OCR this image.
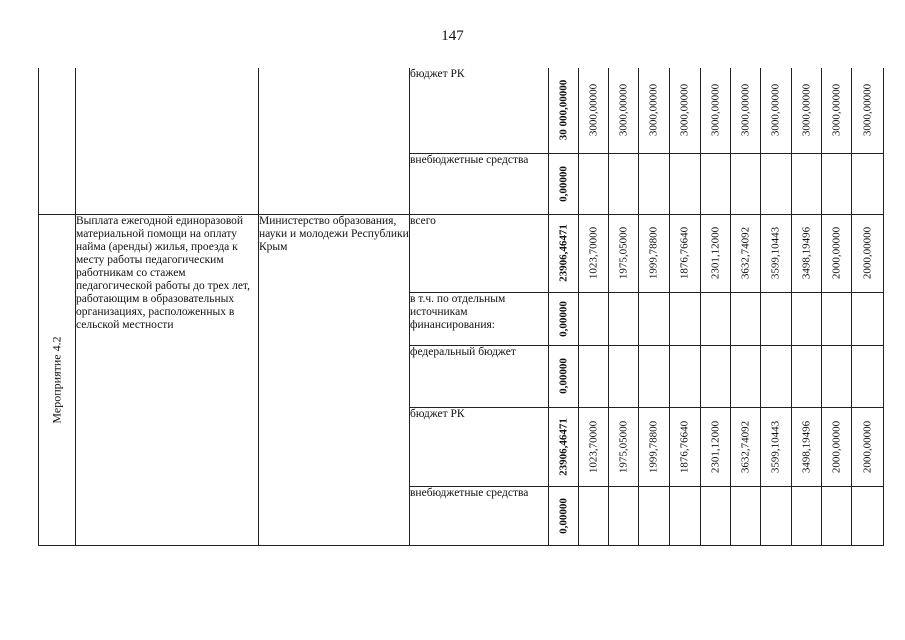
147
			бюджет РК	30 000,00000	3000,00000	3000,00000	3000,00000	3000,00000	3000,00000	3000,00000	3000,00000	3000,00000	3000,00000	3000,00000

			внебюджетные средства	0,00000										

Мероприятие 4.2	Выплата ежегодной единоразовой материальной помощи на оплату найма (аренды) жилья, проезда к месту работы педагогическим работникам со стажем педагогической работы до трех лет, работающим в образовательных организациях, расположенных в сельской местности	Министерство образования, науки и молодежи Республики Крым	всего	23906,46471	1023,70000	1975,05000	1999,78800	1876,76640	2301,12000	3632,74092	3599,10443	3498,19496	2000,00000	2000,00000

			в т.ч. по отдельным источникам финансирования:	0,00000										

			федеральный бюджет	0,00000										

			бюджет РК	23906,46471	1023,70000	1975,05000	1999,78800	1876,76640	2301,12000	3632,74092	3599,10443	3498,19496	2000,00000	2000,00000

			внебюджетные средства	0,00000										
